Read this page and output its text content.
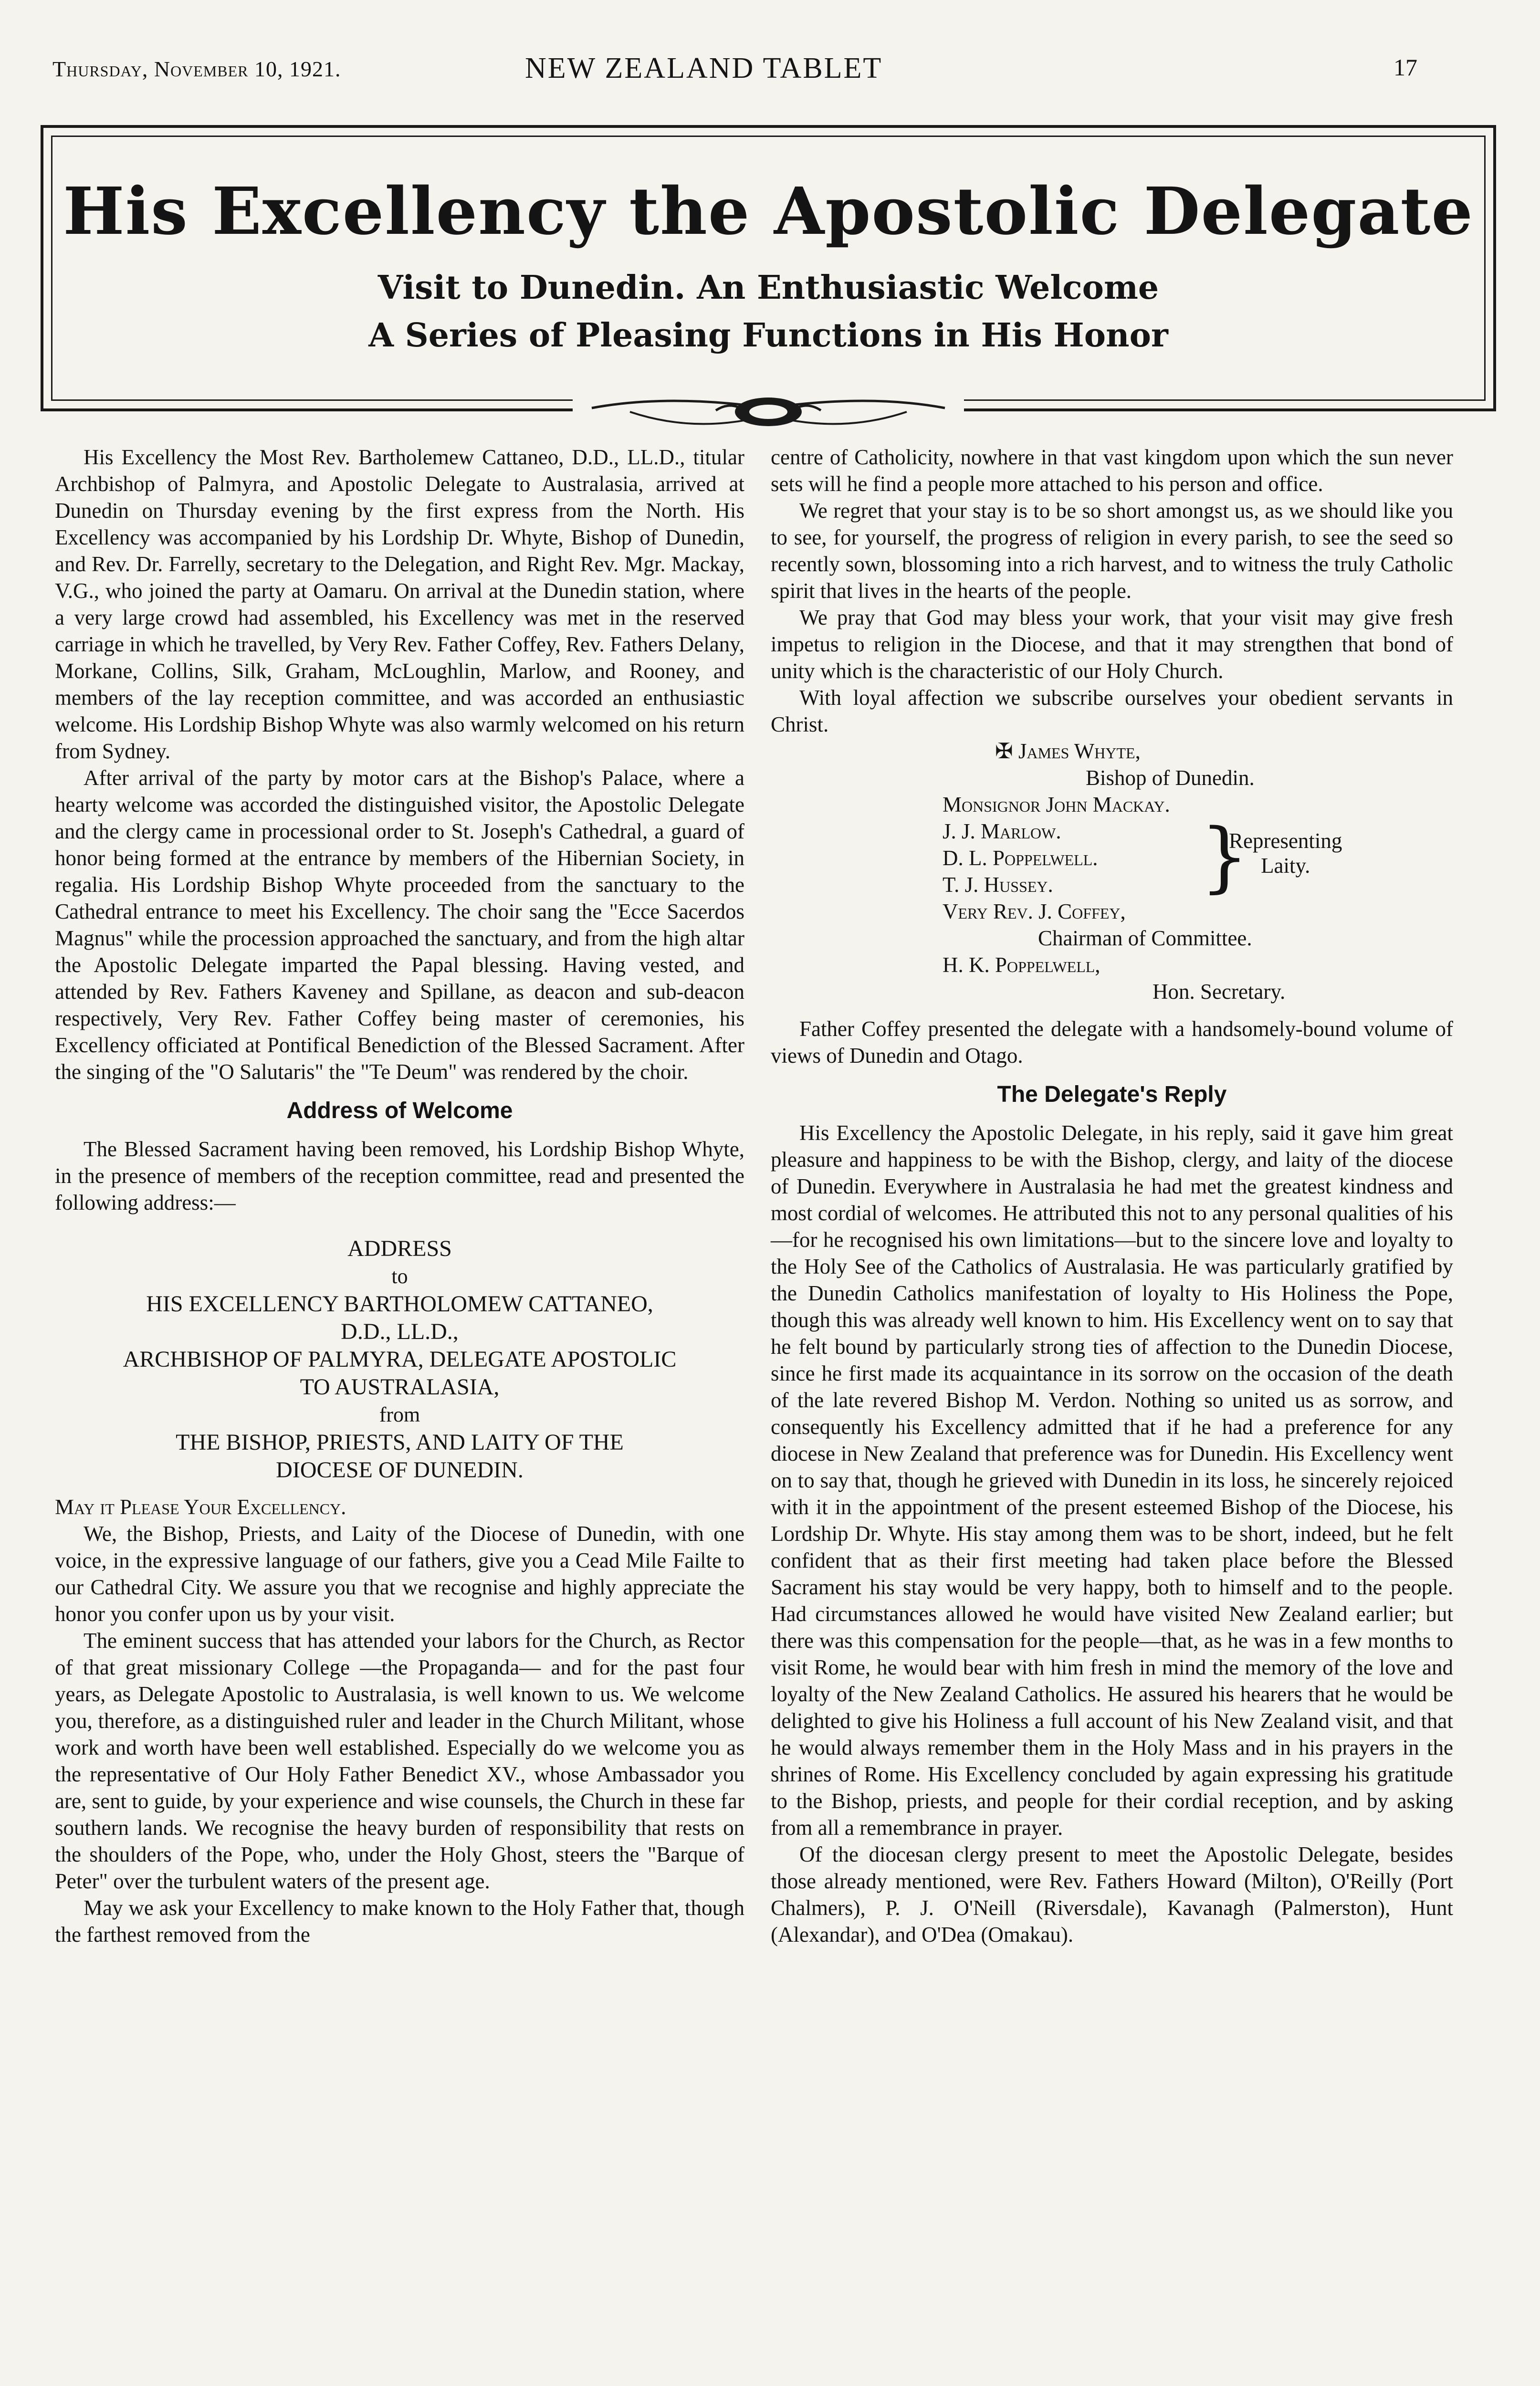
Thursday, November 10, 1921.	NEW ZEALAND TABLET	17
His Excellency the Apostolic Delegate
Visit to Dunedin. An Enthusiastic Welcome
A Series of Pleasing Functions in His Honor

His Excellency the Most Rev. Bartholemew Cattaneo, D.D., LL.D., titular Archbishop of Palmyra, and Apostolic Delegate to Australasia, arrived at Dunedin on Thursday evening by the first express from the North. His Excellency was accompanied by his Lordship Dr. Whyte, Bishop of Dunedin, and Rev. Dr. Farrelly, secretary to the Delegation, and Right Rev. Mgr. Mackay, V.G., who joined the party at Oamaru. On arrival at the Dunedin station, where a very large crowd had assembled, his Excellency was met in the reserved carriage in which he travelled, by Very Rev. Father Coffey, Rev. Fathers Delany, Morkane, Collins, Silk, Graham, McLoughlin, Marlow, and Rooney, and members of the lay reception committee, and was accorded an enthusiastic welcome. His Lordship Bishop Whyte was also warmly welcomed on his return from Sydney.

After arrival of the party by motor cars at the Bishop's Palace, where a hearty welcome was accorded the distinguished visitor, the Apostolic Delegate and the clergy came in processional order to St. Joseph's Cathedral, a guard of honor being formed at the entrance by members of the Hibernian Society, in regalia. His Lordship Bishop Whyte proceeded from the sanctuary to the Cathedral entrance to meet his Excellency. The choir sang the "Ecce Sacerdos Magnus" while the procession approached the sanctuary, and from the high altar the Apostolic Delegate imparted the Papal blessing. Having vested, and attended by Rev. Fathers Kaveney and Spillane, as deacon and sub-deacon respectively, Very Rev. Father Coffey being master of ceremonies, his Excellency officiated at Pontifical Benediction of the Blessed Sacrament. After the singing of the "O Salutaris" the "Te Deum" was rendered by the choir.

Address of Welcome

The Blessed Sacrament having been removed, his Lordship Bishop Whyte, in the presence of members of the reception committee, read and presented the following address:—

ADDRESS
to
HIS EXCELLENCY BARTHOLOMEW CATTANEO,
D.D., LL.D.,
ARCHBISHOP OF PALMYRA, DELEGATE APOSTOLIC
TO AUSTRALASIA,
from
THE BISHOP, PRIESTS, AND LAITY OF THE
DIOCESE OF DUNEDIN.

May it Please Your Excellency.

We, the Bishop, Priests, and Laity of the Diocese of Dunedin, with one voice, in the expressive language of our fathers, give you a Cead Mile Failte to our Cathedral City. We assure you that we recognise and highly appreciate the honor you confer upon us by your visit.

The eminent success that has attended your labors for the Church, as Rector of that great missionary College —the Propaganda— and for the past four years, as Delegate Apostolic to Australasia, is well known to us. We welcome you, therefore, as a distinguished ruler and leader in the Church Militant, whose work and worth have been well established. Especially do we welcome you as the representative of Our Holy Father Benedict XV., whose Ambassador you are, sent to guide, by your experience and wise counsels, the Church in these far southern lands. We recognise the heavy burden of responsibility that rests on the shoulders of the Pope, who, under the Holy Ghost, steers the "Barque of Peter" over the turbulent waters of the present age.

May we ask your Excellency to make known to the Holy Father that, though the farthest removed from the

centre of Catholicity, nowhere in that vast kingdom upon which the sun never sets will he find a people more attached to his person and office.

We regret that your stay is to be so short amongst us, as we should like you to see, for yourself, the progress of religion in every parish, to see the seed so recently sown, blossoming into a rich harvest, and to witness the truly Catholic spirit that lives in the hearts of the people.

We pray that God may bless your work, that your visit may give fresh impetus to religion in the Diocese, and that it may strengthen that bond of unity which is the characteristic of our Holy Church.

With loyal affection we subscribe ourselves your obedient servants in Christ.

✠ James Whyte,
Bishop of Dunedin.
Monsignor John Mackay.
J. J. Marlow.
D. L. Poppelwell.
T. J. Hussey.	}
Representing
Laity.
Very Rev. J. Coffey,
Chairman of Committee.
H. K. Poppelwell,
Hon. Secretary.

Father Coffey presented the delegate with a handsomely-bound volume of views of Dunedin and Otago.

The Delegate's Reply

His Excellency the Apostolic Delegate, in his reply, said it gave him great pleasure and happiness to be with the Bishop, clergy, and laity of the diocese of Dunedin. Everywhere in Australasia he had met the greatest kindness and most cordial of welcomes. He attributed this not to any personal qualities of his—for he recognised his own limitations—but to the sincere love and loyalty to the Holy See of the Catholics of Australasia. He was particularly gratified by the Dunedin Catholics manifestation of loyalty to His Holiness the Pope, though this was already well known to him. His Excellency went on to say that he felt bound by particularly strong ties of affection to the Dunedin Diocese, since he first made its acquaintance in its sorrow on the occasion of the death of the late revered Bishop M. Verdon. Nothing so united us as sorrow, and consequently his Excellency admitted that if he had a preference for any diocese in New Zealand that preference was for Dunedin. His Excellency went on to say that, though he grieved with Dunedin in its loss, he sincerely rejoiced with it in the appointment of the present esteemed Bishop of the Diocese, his Lordship Dr. Whyte. His stay among them was to be short, indeed, but he felt confident that as their first meeting had taken place before the Blessed Sacrament his stay would be very happy, both to himself and to the people. Had circumstances allowed he would have visited New Zealand earlier; but there was this compensation for the people—that, as he was in a few months to visit Rome, he would bear with him fresh in mind the memory of the love and loyalty of the New Zealand Catholics. He assured his hearers that he would be delighted to give his Holiness a full account of his New Zealand visit, and that he would always remember them in the Holy Mass and in his prayers in the shrines of Rome. His Excellency concluded by again expressing his gratitude to the Bishop, priests, and people for their cordial reception, and by asking from all a remembrance in prayer.

Of the diocesan clergy present to meet the Apostolic Delegate, besides those already mentioned, were Rev. Fathers Howard (Milton), O'Reilly (Port Chalmers), P. J. O'Neill (Riversdale), Kavanagh (Palmerston), Hunt (Alexandar), and O'Dea (Omakau).
